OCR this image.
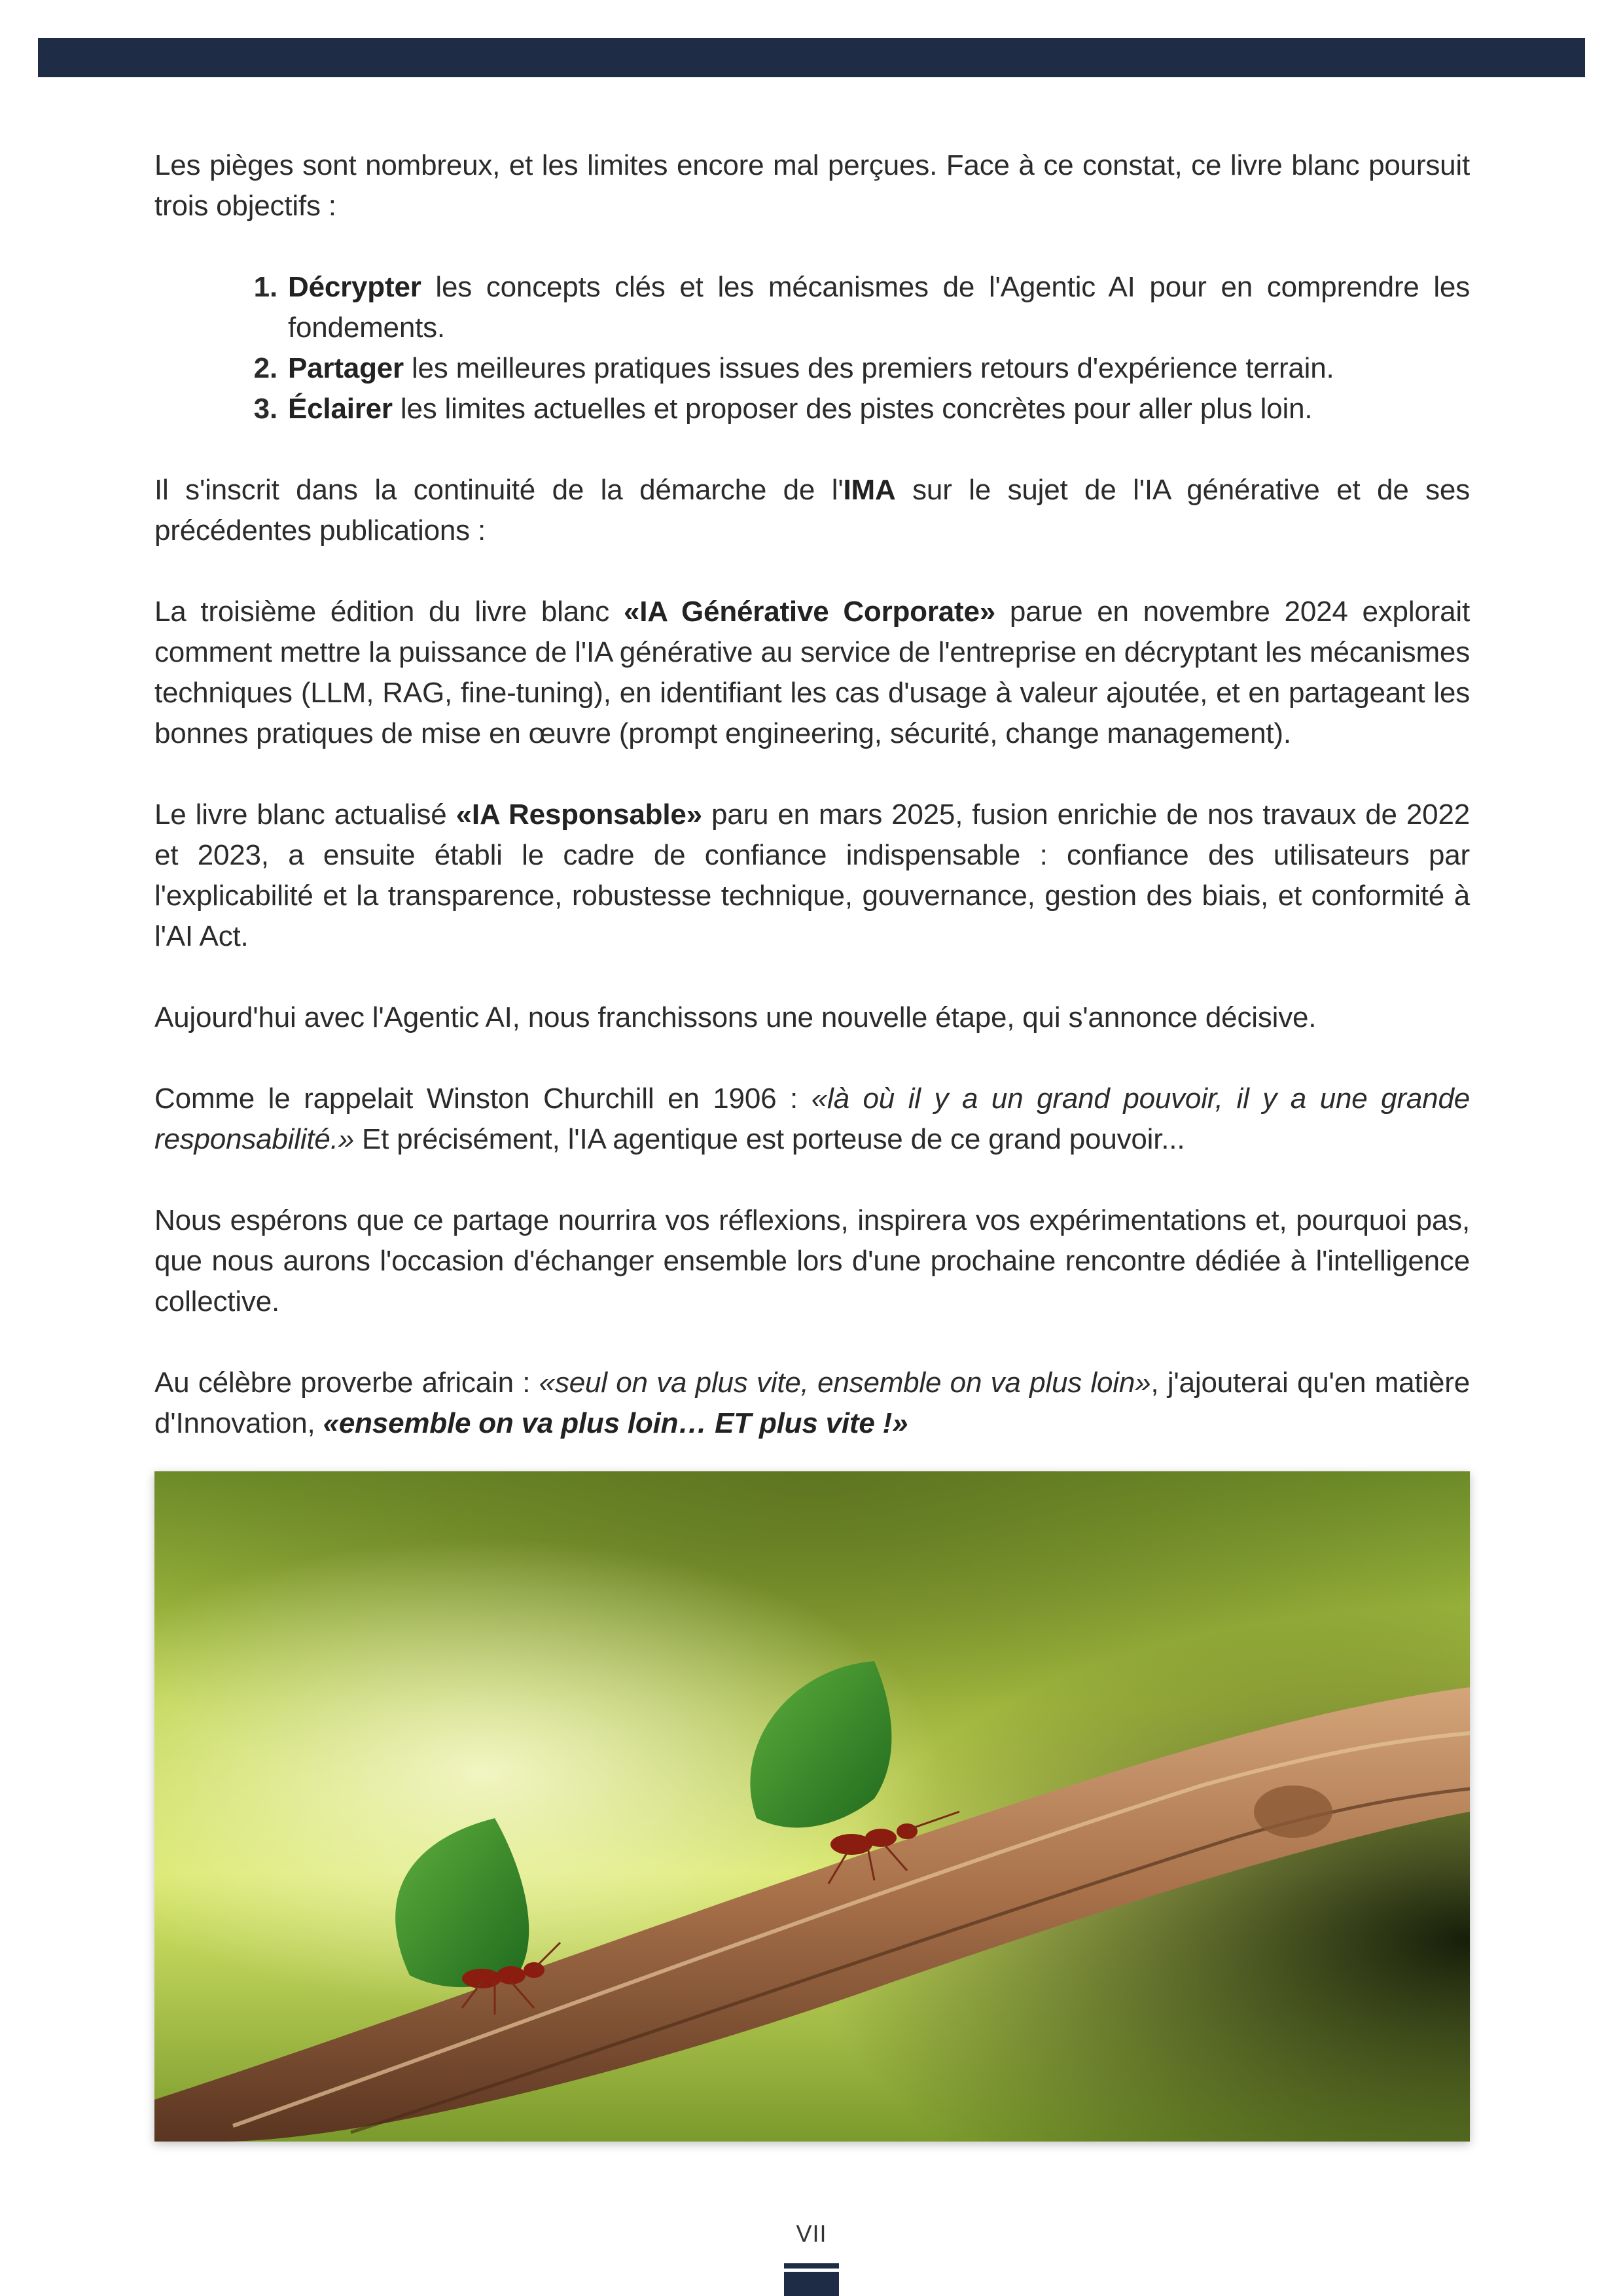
Les pièges sont nombreux, et les limites encore mal perçues. Face à ce constat, ce livre blanc poursuit trois objectifs :

1. Décrypter les concepts clés et les mécanismes de l'Agentic AI pour en comprendre les fondements.
2. Partager les meilleures pratiques issues des premiers retours d'expérience terrain.
3. Éclairer les limites actuelles et proposer des pistes concrètes pour aller plus loin.

Il s'inscrit dans la continuité de la démarche de l'IMA sur le sujet de l'IA générative et de ses précédentes publications :

La troisième édition du livre blanc «IA Générative Corporate» parue en novembre 2024 explorait comment mettre la puissance de l'IA générative au service de l'entreprise en décryptant les mécanismes techniques (LLM, RAG, fine-tuning), en identifiant les cas d'usage à valeur ajoutée, et en partageant les bonnes pratiques de mise en œuvre (prompt engineering, sécurité, change management).

Le livre blanc actualisé «IA Responsable» paru en mars 2025, fusion enrichie de nos travaux de 2022 et 2023, a ensuite établi le cadre de confiance indispensable : confiance des utilisateurs par l'explicabilité et la transparence, robustesse technique, gouvernance, gestion des biais, et conformité à l'AI Act.

Aujourd'hui avec l'Agentic AI, nous franchissons une nouvelle étape, qui s'annonce décisive.

Comme le rappelait Winston Churchill en 1906 : «là où il y a un grand pouvoir, il y a une grande responsabilité.» Et précisément, l'IA agentique est porteuse de ce grand pouvoir...

Nous espérons que ce partage nourrira vos réflexions, inspirera vos expérimentations et, pourquoi pas, que nous aurons l'occasion d'échanger ensemble lors d'une prochaine rencontre dédiée à l'intelligence collective.

Au célèbre proverbe africain : «seul on va plus vite, ensemble on va plus loin», j'ajouterai qu'en matière d'Innovation, «ensemble on va plus loin… ET plus vite !»

VII
